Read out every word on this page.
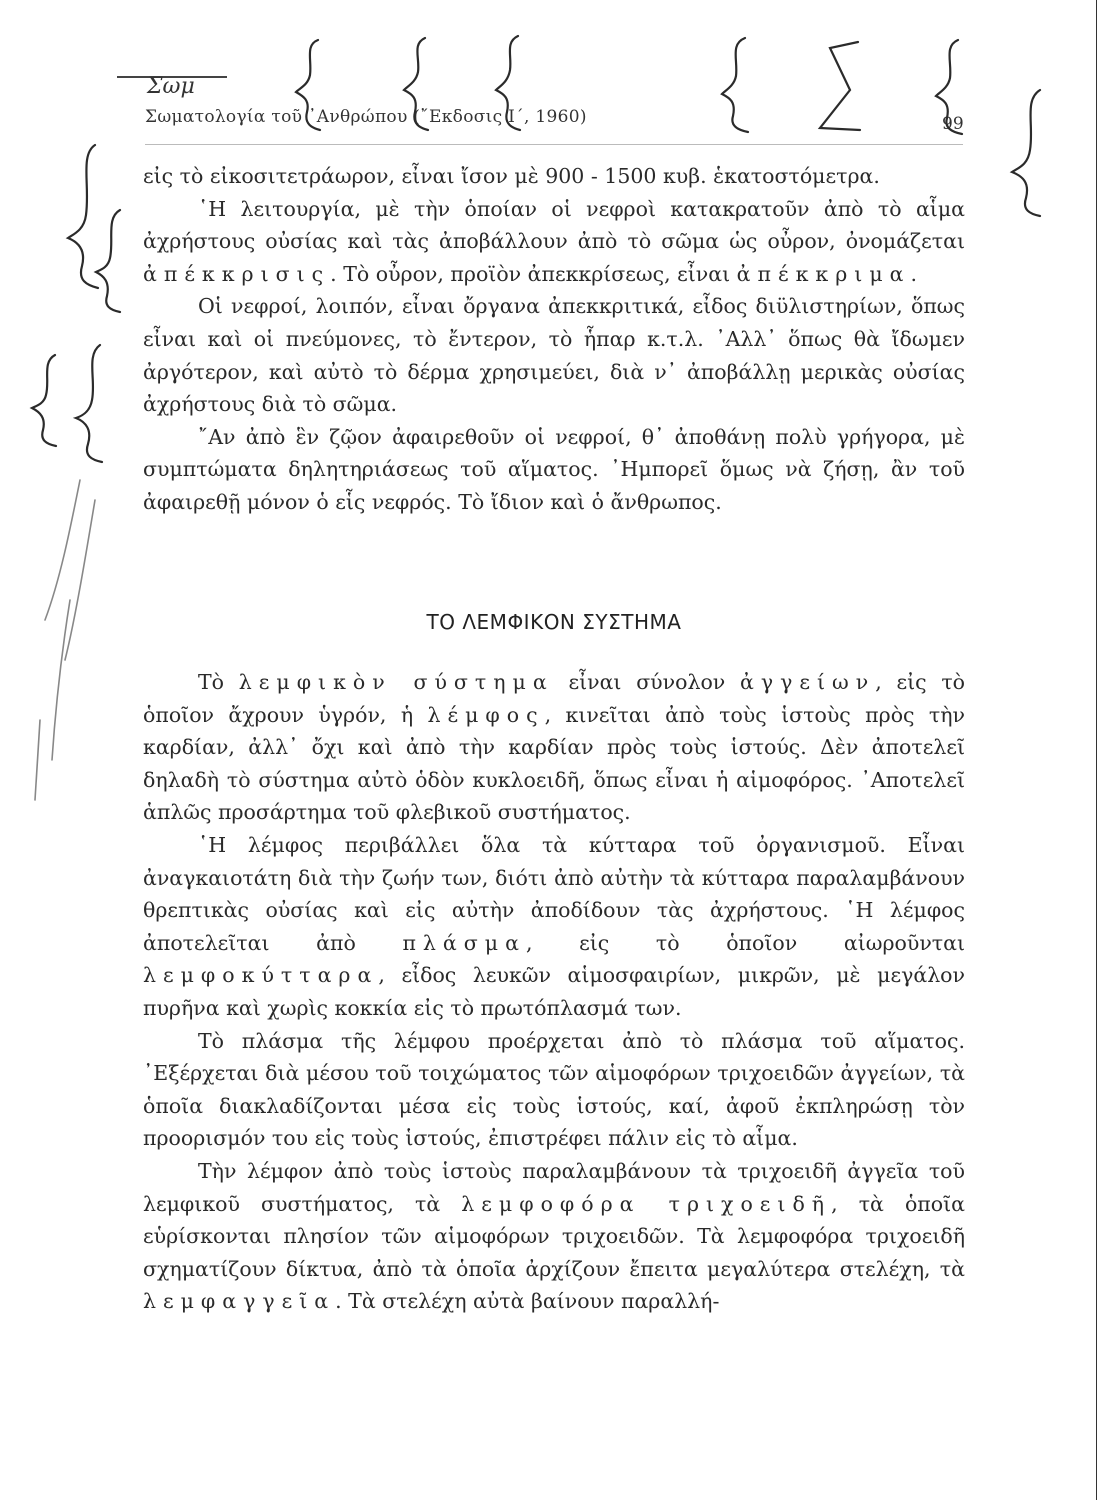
Σωμ
Σωματολογία τοῦ ᾿Ανθρώπου (῎Εκδοσις Ι΄, 1960)	99

εἰς τὸ εἰκοσιτετράωρον, εἶναι ἴσον μὲ 900 - 1500 κυβ. ἑκατοστόμετρα.

῾Η λειτουργία, μὲ τὴν ὁποίαν οἱ νεφροὶ κατακρατοῦν ἀπὸ τὸ αἷμα ἀχρήστους οὐσίας καὶ τὰς ἀποβάλλουν ἀπὸ τὸ σῶμα ὡς οὖρον, ὀνομάζεται ἀπέκκρισις. Τὸ οὖρον, προϊὸν ἀπεκκρίσεως, εἶναι ἀπέκκριμα.

Οἱ νεφροί, λοιπόν, εἶναι ὄργανα ἀπεκκριτικά, εἶδος διϋλιστηρίων, ὅπως εἶναι καὶ οἱ πνεύμονες, τὸ ἔντερον, τὸ ἧπαρ κ.τ.λ. ᾿Αλλ᾿ ὅπως θὰ ἴδωμεν ἀργότερον, καὶ αὐτὸ τὸ δέρμα χρησιμεύει, διὰ ν᾿ ἀποβάλλῃ μερικὰς οὐσίας ἀχρήστους διὰ τὸ σῶμα.

῎Αν ἀπὸ ἓν ζῷον ἀφαιρεθοῦν οἱ νεφροί, θ᾿ ἀποθάνῃ πολὺ γρήγορα, μὲ συμπτώματα δηλητηριάσεως τοῦ αἵματος. ᾿Ημπορεῖ ὅμως νὰ ζήσῃ, ἂν τοῦ ἀφαιρεθῇ μόνον ὁ εἷς νεφρός. Τὸ ἴδιον καὶ ὁ ἄνθρωπος.

ΤΟ ΛΕΜΦΙΚΟΝ ΣΥΣΤΗΜΑ

Τὸ λεμφικὸν σύστημα εἶναι σύνολον ἀγγείων, εἰς τὸ ὁποῖον ἄχρουν ὑγρόν, ἡ λέμφος, κινεῖται ἀπὸ τοὺς ἱστοὺς πρὸς τὴν καρδίαν, ἀλλ᾿ ὄχι καὶ ἀπὸ τὴν καρδίαν πρὸς τοὺς ἱστούς. Δὲν ἀποτελεῖ δηλαδὴ τὸ σύστημα αὐτὸ ὁδὸν κυκλοειδῆ, ὅπως εἶναι ἡ αἱμοφόρος. ᾿Αποτελεῖ ἁπλῶς προσάρτημα τοῦ φλεβικοῦ συστήματος.

῾Η λέμφος περιβάλλει ὅλα τὰ κύτταρα τοῦ ὀργανισμοῦ. Εἶναι ἀναγκαιοτάτη διὰ τὴν ζωήν των, διότι ἀπὸ αὐτὴν τὰ κύτταρα παραλαμβάνουν θρεπτικὰς οὐσίας καὶ εἰς αὐτὴν ἀποδίδουν τὰς ἀχρήστους. ῾Η λέμφος ἀποτελεῖται ἀπὸ πλάσμα, εἰς τὸ ὁποῖον αἰωροῦνται λεμφοκύτταρα, εἶδος λευκῶν αἱμοσφαιρίων, μικρῶν, μὲ μεγάλον πυρῆνα καὶ χωρὶς κοκκία εἰς τὸ πρωτόπλασμά των.

Τὸ πλάσμα τῆς λέμφου προέρχεται ἀπὸ τὸ πλάσμα τοῦ αἵματος. ᾿Εξέρχεται διὰ μέσου τοῦ τοιχώματος τῶν αἱμοφόρων τριχοειδῶν ἀγγείων, τὰ ὁποῖα διακλαδίζονται μέσα εἰς τοὺς ἱστούς, καί, ἀφοῦ ἐκπληρώσῃ τὸν προορισμόν του εἰς τοὺς ἱστούς, ἐπιστρέφει πάλιν εἰς τὸ αἷμα.

Τὴν λέμφον ἀπὸ τοὺς ἱστοὺς παραλαμβάνουν τὰ τριχοειδῆ ἀγγεῖα τοῦ λεμφικοῦ συστήματος, τὰ λεμφοφόρα τριχοειδῆ, τὰ ὁποῖα εὑρίσκονται πλησίον τῶν αἱμοφόρων τριχοειδῶν. Τὰ λεμφοφόρα τριχοειδῆ σχηματίζουν δίκτυα, ἀπὸ τὰ ὁποῖα ἀρχίζουν ἔπειτα μεγαλύτερα στελέχη, τὰ λεμφαγγεῖα. Τὰ στελέχη αὐτὰ βαίνουν παραλλή-
